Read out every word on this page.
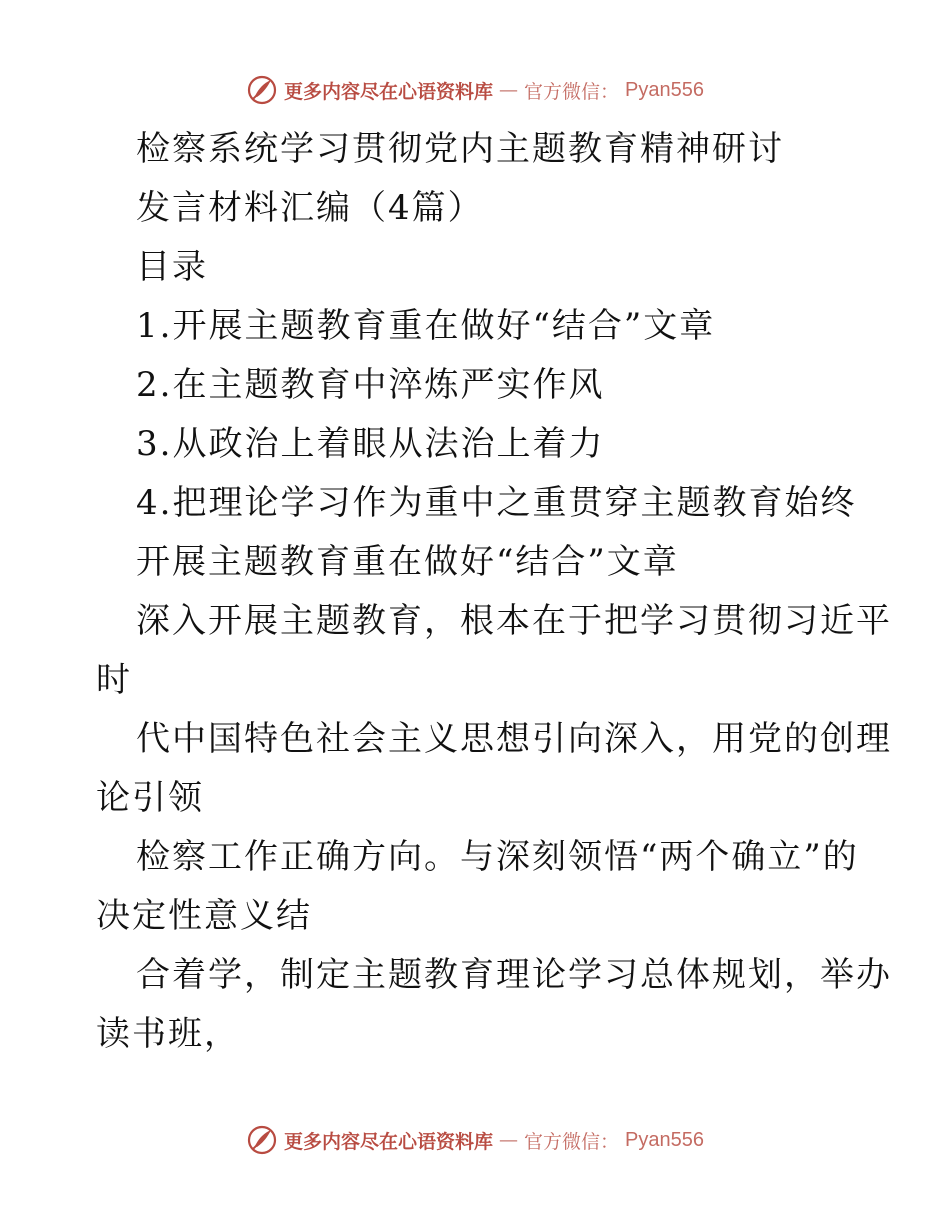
更多内容尽在心语资料库 — 官方微信： Pyan556
检察系统学习贯彻党内主题教育精神研讨
发言材料汇编（4篇）
目录
1.开展主题教育重在做好“结合”文章
2.在主题教育中淬炼严实作风
3.从政治上着眼从法治上着力
4.把理论学习作为重中之重贯穿主题教育始终
开展主题教育重在做好“结合”文章
深入开展主题教育，根本在于把学习贯彻习近平
时
代中国特色社会主义思想引向深入，用党的创理
论引领
检察工作正确方向。与深刻领悟“两个确立”的
决定性意义结
合着学，制定主题教育理论学习总体规划，举办
读书班，
更多内容尽在心语资料库 — 官方微信： Pyan556
